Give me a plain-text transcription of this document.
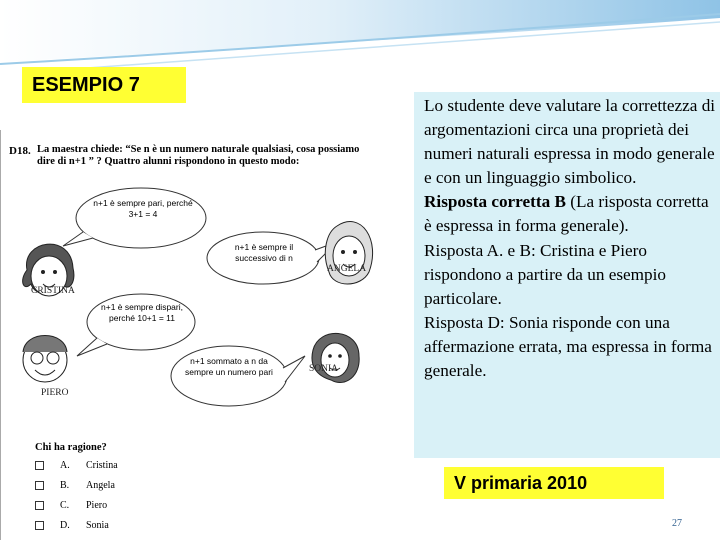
ESEMPIO 7

Lo studente deve valutare la correttezza di argomentazioni circa una proprietà dei numeri naturali espressa in modo generale e con un linguaggio simbolico.

Risposta corretta B (La risposta corretta è espressa in forma generale).

Risposta A. e B: Cristina e Piero rispondono a partire da un esempio particolare.

Risposta D: Sonia risponde con una affermazione errata, ma espressa in forma generale.

V primaria 2010
27
D18. La maestra chiede: “Se n è un numero naturale qualsiasi, cosa possiamo dire di n+1 ” ? Quattro alunni rispondono in questo modo:
n+1 è sempre pari, perché 3+1 = 4
n+1 è sempre il successivo di n
n+1 è sempre dispari, perché 10+1 = 11
n+1 sommato a n da sempre un numero pari
CRISTINA
ANGELA
PIERO
SONIA
Chi ha ragione?
A.	Cristina
B.	Angela
C.	Piero
D.	Sonia
